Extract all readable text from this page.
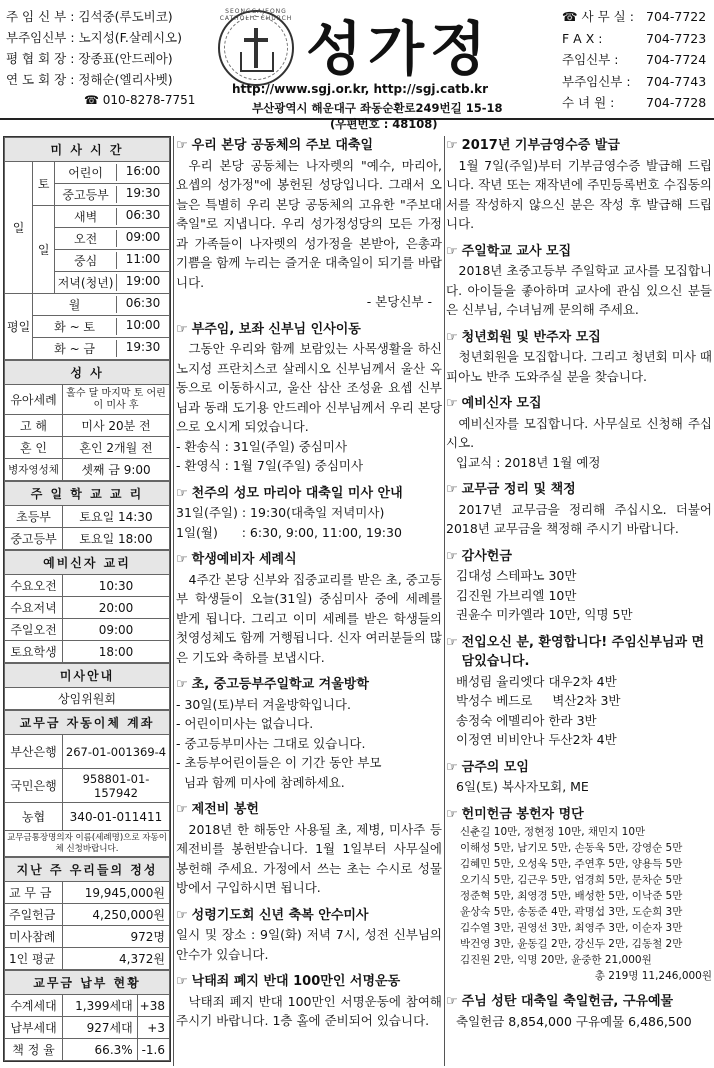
주 임 신 부 : 김석중(루도비코)
부주임신부 : 노지성(F.살레시오)
평 협 회 장 : 장종표(안드레아)
연 도 회 장 : 정해순(엘리사벳)
☎ 010-8278-7751
SEONGGAJEONG CATHOLIC CHURCH 성가정
http://www.sgj.or.kr, http://sgj.catb.kr
부산광역시 해운대구 좌동순환로249번길 15-18
☎ 사 무 실 : 704-7722
F A X :	704-7723
주임신부 :	704-7724
부주임신부 :	704-7743
수 녀 원 :	704-7728
(우편번호 : 48108)
미 사 시 간		
일	토	어린이 16:00

		중고등부 19:30

	일	새벽 06:30

		오전 09:00

		중심 11:00

		저녁(청년) 19:00

평일	월 06:30	

	화 ~ 토 10:00	

	화 ~ 금 19:30	
성 사	
유아세례	홀수 달 마지막 토 어린이 미사 후
고 해	미사 20분 전
혼 인	혼인 2개월 전
병자영성체	셋째 금 9:00
주 일 학 교 교 리	
초등부	토요일 14:30
중고등부	토요일 18:00
예비신자 교리	
수요오전	10:30
수요저녁	20:00
주일오전	09:00
토요학생	18:00
미사안내
상임위원회
교무금 자동이체 계좌	
부산은행	267-01-001369-4
국민은행	958801-01-157942
농협	340-01-011411
교무금통장명의자 이름(세례명)으로 자동이체 신청바랍니다.	
지난 주 우리들의 정성	
교 무 금	19,945,000원
주일헌금	4,250,000원
미사참례	972명
1인 평균	4,372원
교무금 납부 현황		
수계세대	1,399세대	+38
납부세대	927세대	+3
책 정 율	66.3%	-1.6
☞ 우리 본당 공동체의 주보 대축일

우리 본당 공동체는 나자렛의 "예수, 마리아, 요셉의 성가정"에 봉헌된 성당입니다. 그래서 오늘은 특별히 우리 본당 공동체의 고유한 "주보대축일"로 지냅니다. 우리 성가정성당의 모든 가정과 가족들이 나자렛의 성가정을 본받아, 은총과 기쁨을 함께 누리는 즐거운 대축일이 되기를 바랍니다.

- 본당신부 -
☞ 부주임, 보좌 신부님 인사이동

그동안 우리와 함께 보람있는 사목생활을 하신 노지성 프란치스코 살레시오 신부님께서 울산 옥동으로 이동하시고, 울산 삼산 조성윤 요셉 신부님과 동래 도기용 안드레아 신부님께서 우리 본당으로 오시게 되었습니다.

- 환송식 : 31일(주일) 중심미사
- 환영식 : 1월 7일(주일) 중심미사
☞ 천주의 성모 마리아 대축일 미사 안내
31일(주일) : 19:30(대축일 저녁미사)
1일(월)      : 6:30, 9:00, 11:00, 19:30
☞ 학생예비자 세례식

4주간 본당 신부와 집중교리를 받은 초, 중고등부 학생들이 오늘(31일) 중심미사 중에 세례를 받게 됩니다. 그리고 이미 세례를 받은 학생들의 첫영성체도 함께 거행됩니다. 신자 여러분들의 많은 기도와 축하를 보냅시다.

☞ 초, 중고등부주일학교 겨울방학
- 30일(토)부터 겨울방학입니다.
- 어린이미사는 없습니다.
- 중고등부미사는 그대로 있습니다.
- 초등부어린이들은 이 기간 동안 부모
님과 함께 미사에 참례하세요.
☞ 제전비 봉헌

2018년 한 해동안 사용될 초, 제병, 미사주 등 제전비를 봉헌받습니다. 1월 1일부터 사무실에 봉헌해 주세요. 가정에서 쓰는 초는 수시로 성물방에서 구입하시면 됩니다.

☞ 성령기도회 신년 축복 안수미사

일시 및 장소 : 9일(화) 저녁 7시, 성전 신부님의 안수가 있습니다.

☞ 낙태죄 폐지 반대 100만인 서명운동

낙태죄 폐지 반대 100만인 서명운동에 참여해주시기 바랍니다. 1층 홀에 준비되어 있습니다.

☞ 2017년 기부금영수증 발급

1월 7일(주일)부터 기부금영수증 발급해 드립니다. 작년 또는 재작년에 주민등록번호 수집동의서를 작성하지 않으신 분은 작성 후 발급해 드립니다.

☞ 주일학교 교사 모집

2018년 초중고등부 주일학교 교사를 모집합니다. 아이들을 좋아하며 교사에 관심 있으신 분들은 신부님, 수녀님께 문의해 주세요.

☞ 청년회원 및 반주자 모집

청년회원을 모집합니다. 그리고 청년회 미사 때 피아노 반주 도와주실 분을 찾습니다.

☞ 예비신자 모집

예비신자를 모집합니다. 사무실로 신청해 주십시오.

입교식 : 2018년 1월 예정
☞ 교무금 정리 및 책정

2017년 교무금을 정리해 주십시오. 더불어 2018년 교무금을 책정해 주시기 바랍니다.

☞ 감사헌금
김대성 스테파노 30만
김진원 가브리엘 10만
권윤수 미카엘라 10만, 익명 5만
☞ 전입오신 분, 환영합니다! 주임신부님과 면담있습니다.
배성림 율리엣다 대우2차 4반
박성수 베드로     벽산2차 3반
송정숙 에멜리아 한라 3반
이정연 비비안나 두산2차 4반
☞ 금주의 모임
6일(토) 복사자모회, ME
☞ 헌미헌금 봉헌자 명단
신춘길 10만, 정현정 10만, 채민지 10만
이해성 5만, 남기모 5만, 손동욱 5만, 강영순 5만
김혜민 5만, 오성욱 5만, 주연후 5만, 양용득 5만
오기식 5만, 김근우 5만, 엄경희 5만, 문차순 5만
정준혁 5만, 최영경 5만, 배성한 5만, 이낙준 5만
윤상숙 5만, 송동준 4만, 곽명섭 3만, 도순희 3만
김수열 3만, 권영선 3만, 최영주 3만, 이순자 3만
박건영 3만, 윤동길 2만, 강신두 2만, 김동철 2만
김진원 2만, 익명 20만, 윤중한 21,000원
총 219명 11,246,000원
☞ 주님 성탄 대축일 축일헌금, 구유예물
축일헌금 8,854,000 구유예물 6,486,500
